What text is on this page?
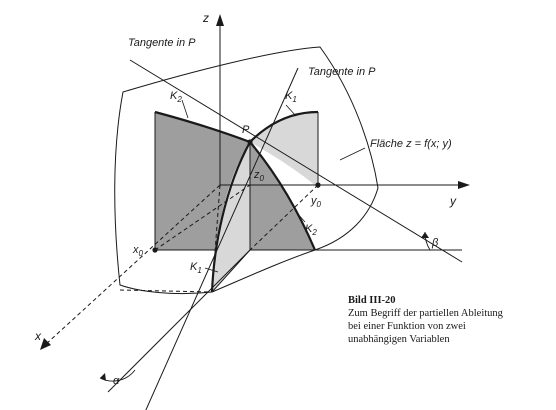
z
y
x
Tangente in P
Tangente in P
Fläche z = f(x; y)
P
$K_2$	$K_1$
$K_1$
$K_2$
$z_0$
$y_0$
$x_0$
α
β
Bild III-20
Zum Begriff der partiellen Ableitung
bei einer Funktion von zwei
unabhängigen Variablen
